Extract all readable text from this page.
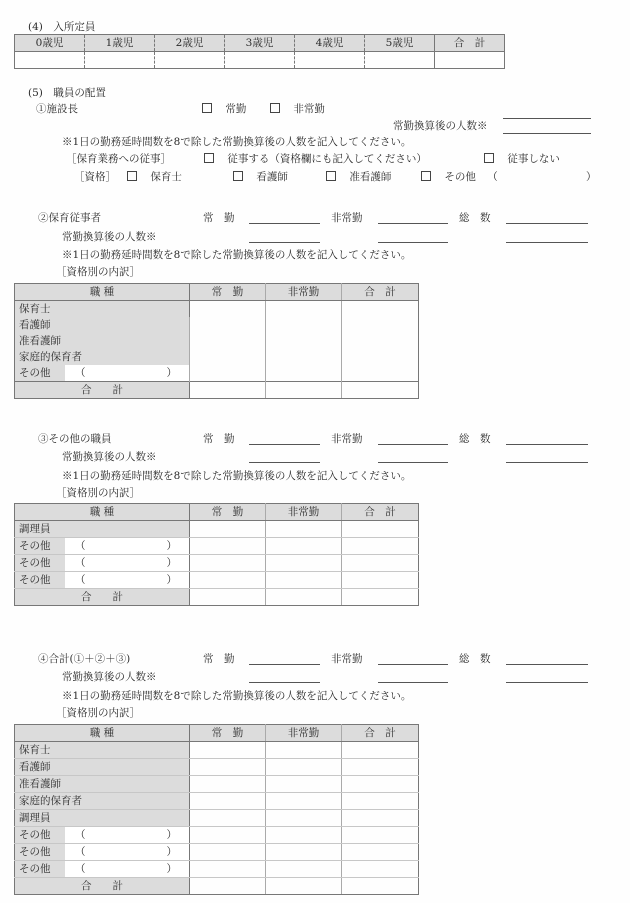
(4)　入所定員
0歳児	1歳児	2歳児	3歳児	4歳児	5歳児	合　計

(5)　職員の配置
①施設長	常勤	非常勤
常勤換算後の人数※
※1日の勤務延時間数を8で除した常勤換算後の人数を記入してください。
［保育業務への従事］	従事する（資格欄にも記入してください）	従事しない
［資格］	保育士	看護師	准看護師	その他 （	）
②保育従事者	常　勤	非常勤	総　数
常勤換算後の人数※
※1日の勤務延時間数を8で除した常勤換算後の人数を記入してください。
［資格別の内訳］
職 種	常　勤	非常勤	合　計
保育士			
看護師			
准看護師			
家庭的保育者			

その他 （ ）			

合　　計			
③その他の職員	常　勤	非常勤	総　数
常勤換算後の人数※
※1日の勤務延時間数を8で除した常勤換算後の人数を記入してください。
［資格別の内訳］
職 種	常　勤	非常勤	合　計
調理員			

その他 （ ）			

その他 （ ）			

その他 （ ）			

合　　計			
④合計(①＋②＋③)	常　勤	非常勤	総　数
常勤換算後の人数※
※1日の勤務延時間数を8で除した常勤換算後の人数を記入してください。
［資格別の内訳］
職 種	常　勤	非常勤	合　計
保育士			
看護師			
准看護師			
家庭的保育者			
調理員			

その他 （ ）			

その他 （ ）			

その他 （ ）			

合　　計			
